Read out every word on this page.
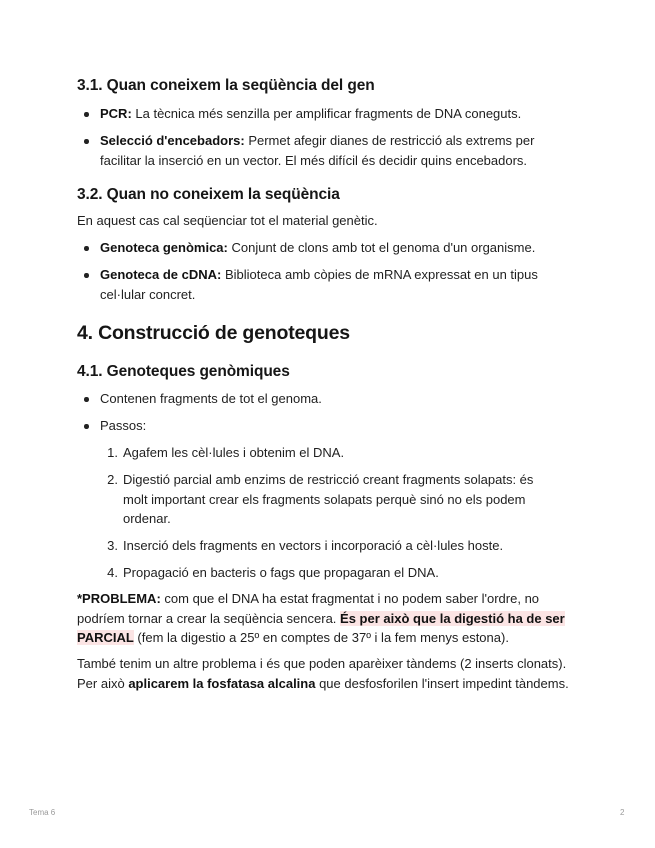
3.1. Quan coneixem la seqüència del gen
PCR: La tècnica més senzilla per amplificar fragments de DNA coneguts.
Selecció d'encebadors: Permet afegir dianes de restricció als extrems per facilitar la inserció en un vector. El més difícil és decidir quins encebadors.
3.2. Quan no coneixem la seqüència

En aquest cas cal seqüenciar tot el material genètic.

Genoteca genòmica: Conjunt de clons amb tot el genoma d'un organisme.
Genoteca de cDNA: Biblioteca amb còpies de mRNA expressat en un tipus cel·lular concret.
4. Construcció de genoteques
4.1. Genoteques genòmiques
Contenen fragments de tot el genoma.
Passos:
1. Agafem les cèl·lules i obtenim el DNA.
2. Digestió parcial amb enzims de restricció creant fragments solapats: és molt important crear els fragments solapats perquè sinó no els podem ordenar.
3. Inserció dels fragments en vectors i incorporació a cèl·lules hoste.
4. Propagació en bacteris o fags que propagaran el DNA.

*PROBLEMA: com que el DNA ha estat fragmentat i no podem saber l'ordre, no podríem tornar a crear la seqüència sencera. És per això que la digestió ha de ser PARCIAL (fem la digestio a 25º en comptes de 37º i la fem menys estona).

També tenim un altre problema i és que poden aparèixer tàndems (2 inserts clonats). Per això aplicarem la fosfatasa alcalina que desfosforilen l'insert impedint tàndems.

Tema 6	2
